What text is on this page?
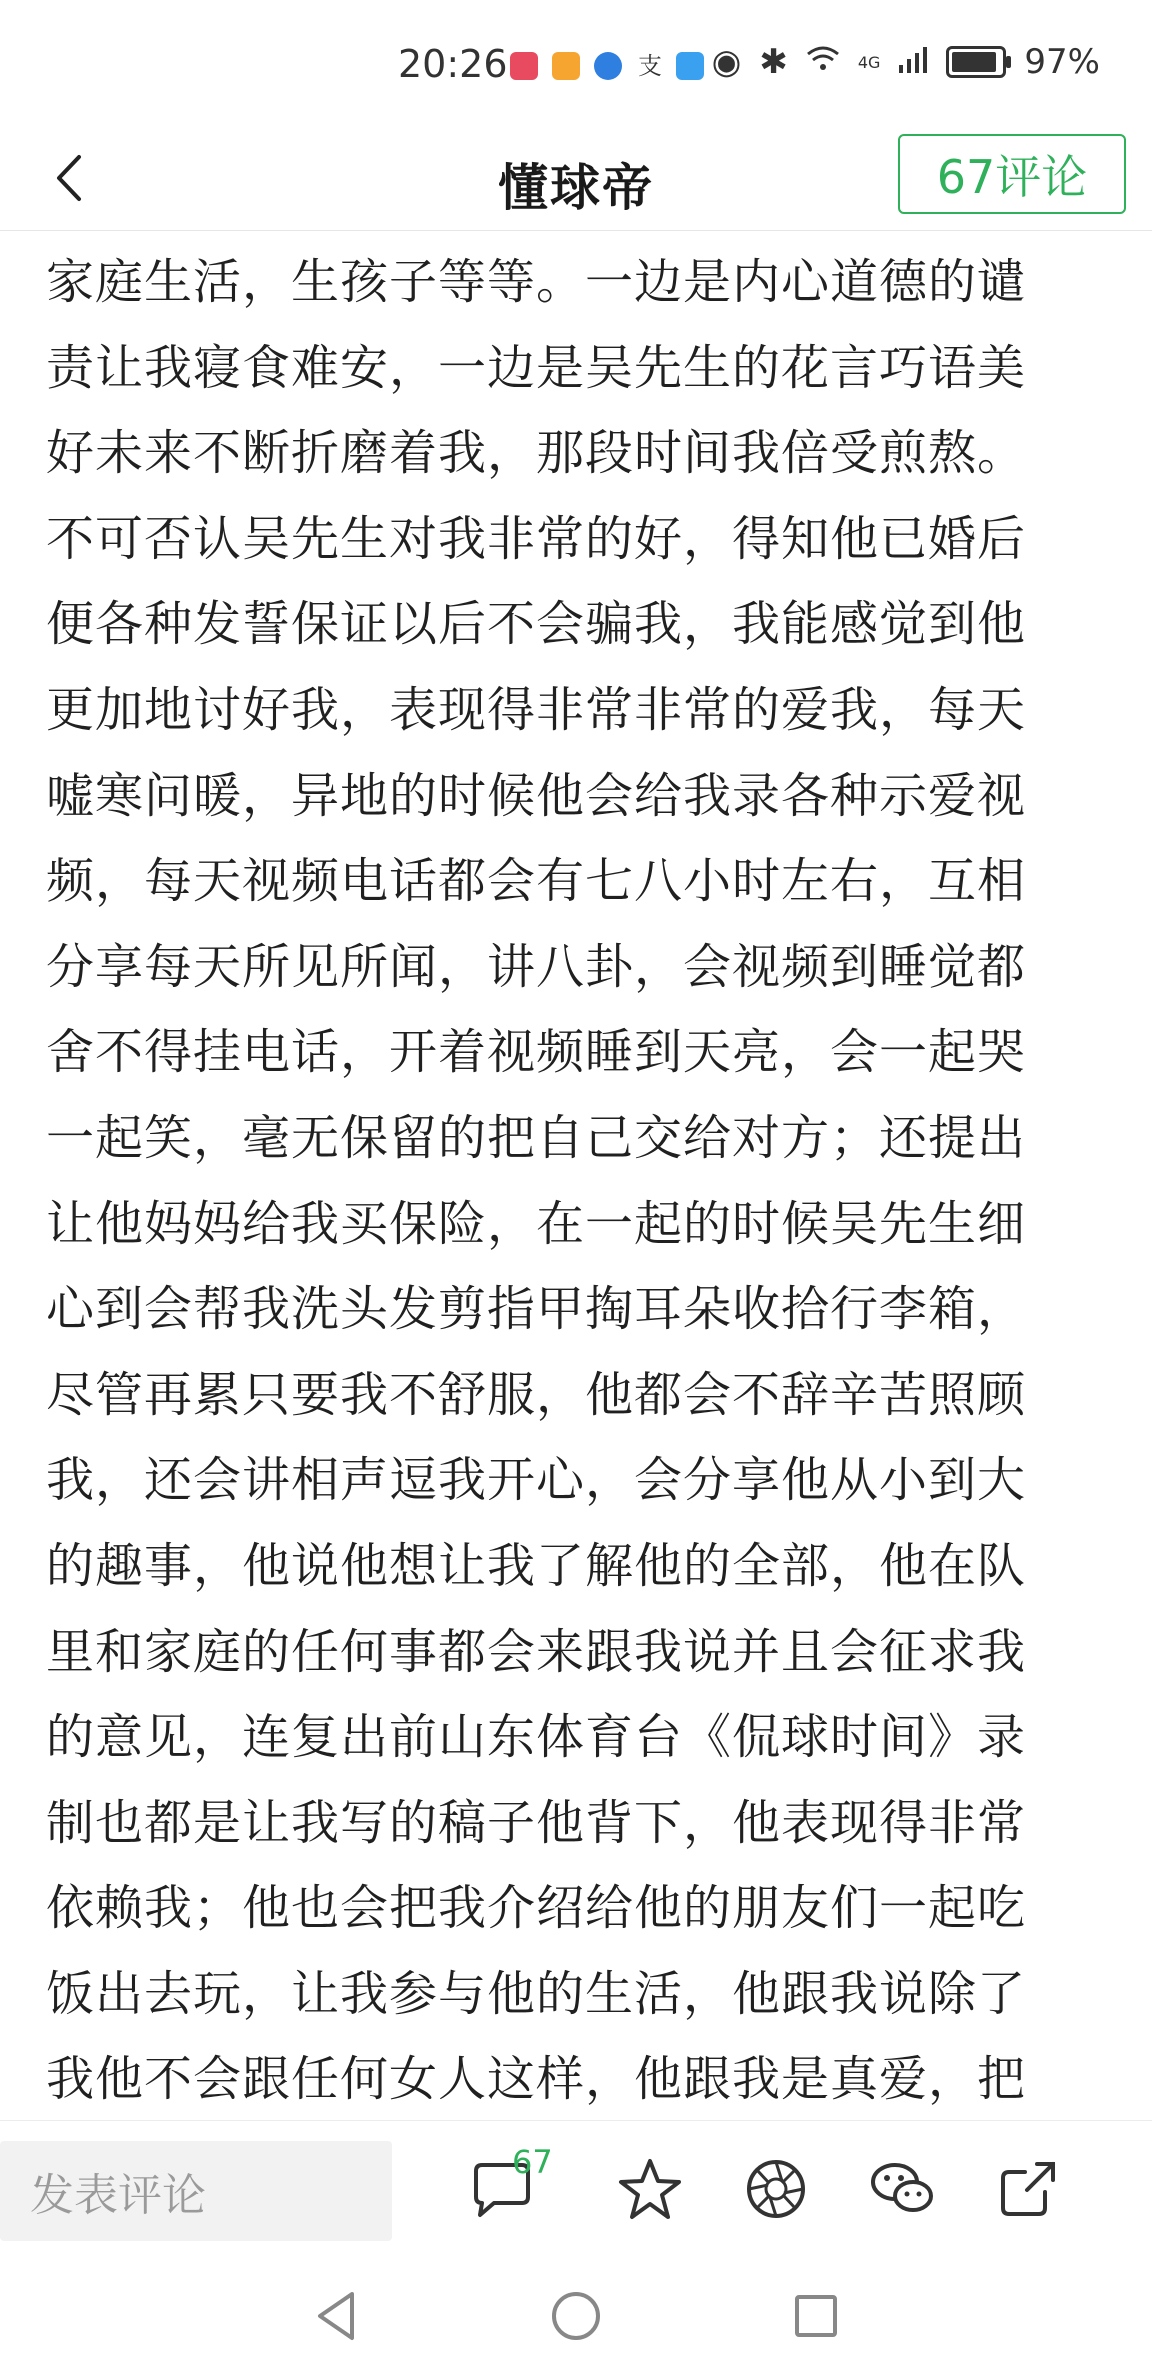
20:26	支 ◉ ✱	4G	97%
懂球帝	67评论
家庭生活，生孩子等等。一边是内心道德的谴
责让我寝食难安，一边是吴先生的花言巧语美
好未来不断折磨着我，那段时间我倍受煎熬。
不可否认吴先生对我非常的好，得知他已婚后
便各种发誓保证以后不会骗我，我能感觉到他
更加地讨好我，表现得非常非常的爱我，每天
嘘寒问暖，异地的时候他会给我录各种示爱视
频，每天视频电话都会有七八小时左右，互相
分享每天所见所闻，讲八卦，会视频到睡觉都
舍不得挂电话，开着视频睡到天亮，会一起哭
一起笑，毫无保留的把自己交给对方；还提出
让他妈妈给我买保险，在一起的时候吴先生细
心到会帮我洗头发剪指甲掏耳朵收拾行李箱，
尽管再累只要我不舒服，他都会不辞辛苦照顾
我，还会讲相声逗我开心，会分享他从小到大
的趣事，他说他想让我了解他的全部，他在队
里和家庭的任何事都会来跟我说并且会征求我
的意见，连复出前山东体育台《侃球时间》录
制也都是让我写的稿子他背下，他表现得非常
依赖我；他也会把我介绍给他的朋友们一起吃
饭出去玩，让我参与他的生活，他跟我说除了
我他不会跟任何女人这样，他跟我是真爱，把
发表评论
67
